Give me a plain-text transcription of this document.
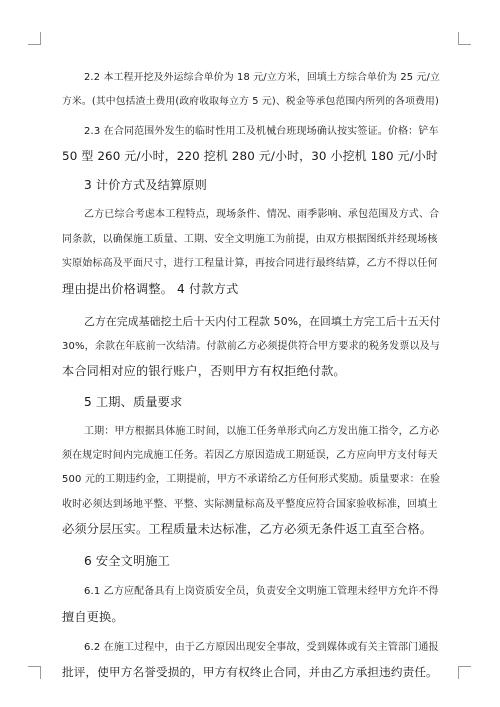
2.2 本工程开挖及外运综合单价为 18 元/立方米，回填土方综合单价为 25 元/立
方米。(其中包括渣土费用(政府收取每立方 5 元)、税金等承包范围内所列的各项费用)
2.3 在合同范围外发生的临时性用工及机械台班现场确认按实签证。价格：铲车
50 型 260 元/小时，220 挖机 280 元/小时，30 小挖机 180 元/小时
3 计价方式及结算原则
乙方已综合考虑本工程特点，现场条件、情况、雨季影响、承包范围及方式、合
同条款，以确保施工质量、工期、安全文明施工为前提，由双方根据图纸并经现场核
实原始标高及平面尺寸，进行工程量计算，再按合同进行最终结算，乙方不得以任何
理由提出价格调整。 4 付款方式
乙方在完成基础挖土后十天内付工程款 50%，在回填土方完工后十五天付
30%，余款在年底前一次结清。付款前乙方必须提供符合甲方要求的税务发票以及与
本合同相对应的银行账户，否则甲方有权拒绝付款。
5 工期、质量要求
工期：甲方根据具体施工时间，以施工任务单形式向乙方发出施工指令，乙方必
须在规定时间内完成施工任务。若因乙方原因造成工期延误，乙方应向甲方支付每天
500 元的工期违约金，工期提前，甲方不承诺给乙方任何形式奖励。质量要求：在验
收时必须达到场地平整、平整、实际测量标高及平整度应符合国家验收标准，回填土
必须分层压实。工程质量未达标准，乙方必须无条件返工直至合格。
6 安全文明施工
6.1 乙方应配备具有上岗资质安全员，负责安全文明施工管理未经甲方允许不得
擅自更换。
6.2 在施工过程中，由于乙方原因出现安全事故，受到媒体或有关主管部门通报
批评，使甲方名誉受损的，甲方有权终止合同，并由乙方承担违约责任。
